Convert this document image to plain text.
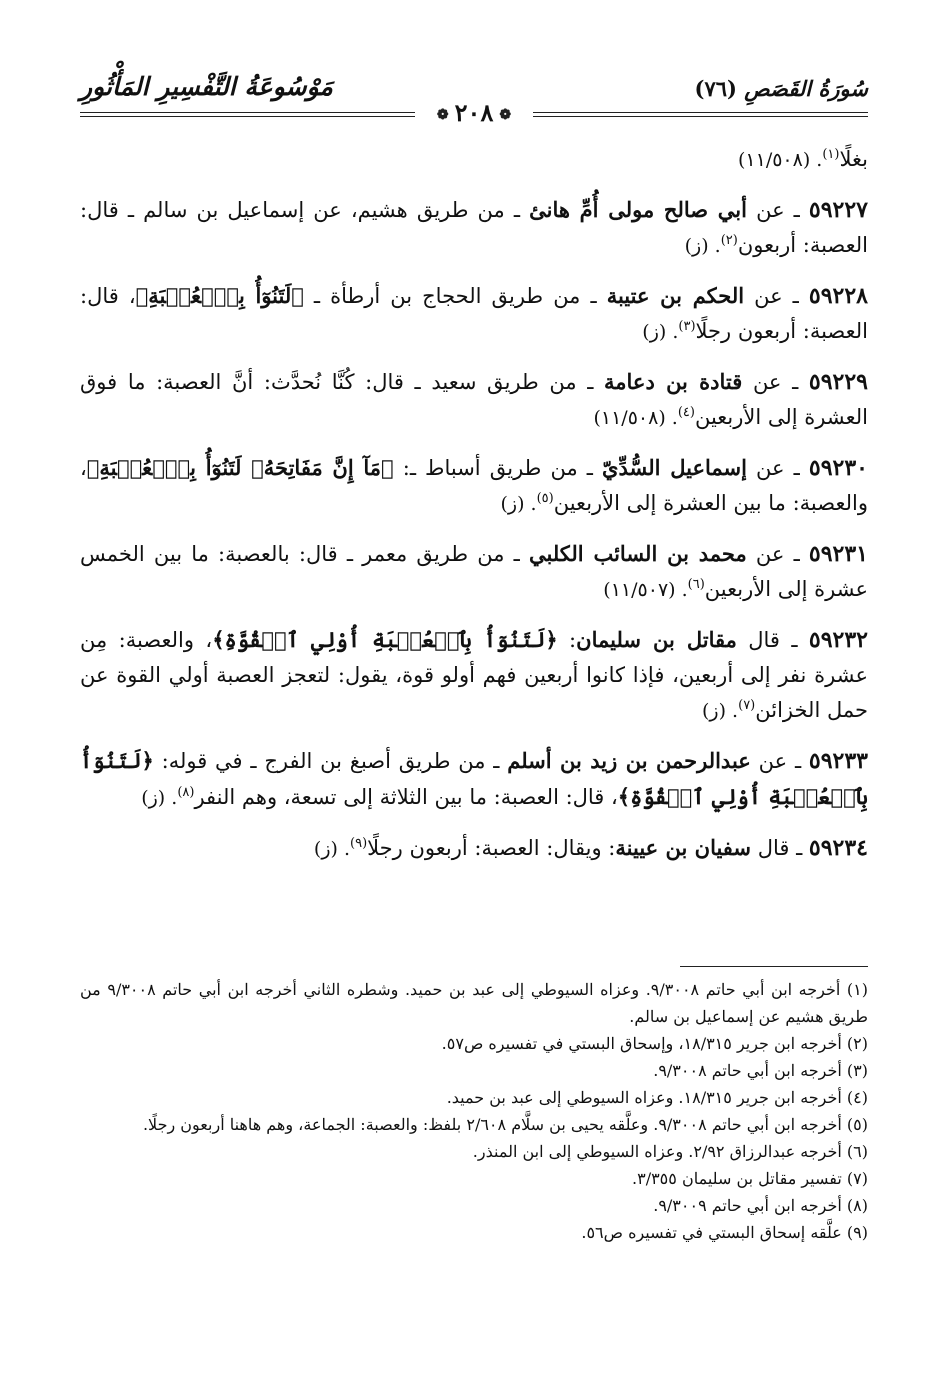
سُورَةُ القَصَصِ (٧٦)
مَوْسُوعَةُ التَّفْسِيرِ المَأْثُورِ
❁٢٠٨❁

بغلًا$^{(١)}$. (١١/٥٠٨)

٥٩٢٢٧ ـ عن أبي صالح مولى أُمِّ هانئ ـ من طريق هشيم، عن إسماعيل بن سالم ـ قال: العصبة: أربعون$^{(٢)}$. (ز)

٥٩٢٢٨ ـ عن الحكم بن عتيبة ـ من طريق الحجاج بن أرطأة ـ ﴿لَتَنُوٓأُ بِٱلۡعُصۡبَةِ﴾، قال: العصبة: أربعون رجلًا$^{(٣)}$. (ز)

٥٩٢٢٩ ـ عن قتادة بن دعامة ـ من طريق سعيد ـ قال: كُنَّا نُحدَّث: أنَّ العصبة: ما فوق العشرة إلى الأربعين$^{(٤)}$. (١١/٥٠٨)

٥٩٢٣٠ ـ عن إسماعيل السُّدِّيّ ـ من طريق أسباط ـ: ﴿مَآ إِنَّ مَفَاتِحَهُۥ لَتَنُوٓأُ بِٱلۡعُصۡبَةِ﴾، والعصبة: ما بين العشرة إلى الأربعين$^{(٥)}$. (ز)

٥٩٢٣١ ـ عن محمد بن السائب الكلبي ـ من طريق معمر ـ قال: بالعصبة: ما بين الخمس عشرة إلى الأربعين$^{(٦)}$. (١١/٥٠٧)

٥٩٢٣٢ ـ قال مقاتل بن سليمان: ﴿لَتَنُوٓأُ بِٱلۡعُصۡبَةِ أُوْلِي ٱلۡقُوَّةِ﴾، والعصبة: مِن عشرة نفر إلى أربعين، فإذا كانوا أربعين فهم أولو قوة، يقول: لتعجز العصبة أولي القوة عن حمل الخزائن$^{(٧)}$. (ز)

٥٩٢٣٣ ـ عن عبدالرحمن بن زيد بن أسلم ـ من طريق أصبغ بن الفرج ـ في قوله: ﴿لَتَنُوٓأُ بِٱلۡعُصۡبَةِ أُوْلِي ٱلۡقُوَّةِ﴾، قال: العصبة: ما بين الثلاثة إلى تسعة، وهم النفر$^{(٨)}$. (ز)

٥٩٢٣٤ ـ قال سفيان بن عيينة: ويقال: العصبة: أربعون رجلًا$^{(٩)}$. (ز)

(١) أخرجه ابن أبي حاتم ٩/٣٠٠٨. وعزاه السيوطي إلى عبد بن حميد. وشطره الثاني أخرجه ابن أبي حاتم ٩/٣٠٠٨ من طريق هشيم عن إسماعيل بن سالم.

(٢) أخرجه ابن جرير ١٨/٣١٥، وإسحاق البستي في تفسيره ص٥٧.

(٣) أخرجه ابن أبي حاتم ٩/٣٠٠٨.

(٤) أخرجه ابن جرير ١٨/٣١٥. وعزاه السيوطي إلى عبد بن حميد.

(٥) أخرجه ابن أبي حاتم ٩/٣٠٠٨. وعلَّقه يحيى بن سلَّام ٢/٦٠٨ بلفظ: والعصبة: الجماعة، وهم هاهنا أربعون رجلًا.

(٦) أخرجه عبدالرزاق ٢/٩٢. وعزاه السيوطي إلى ابن المنذر.

(٧) تفسير مقاتل بن سليمان ٣/٣٥٥.

(٨) أخرجه ابن أبي حاتم ٩/٣٠٠٩.

(٩) علَّقه إسحاق البستي في تفسيره ص٥٦.
